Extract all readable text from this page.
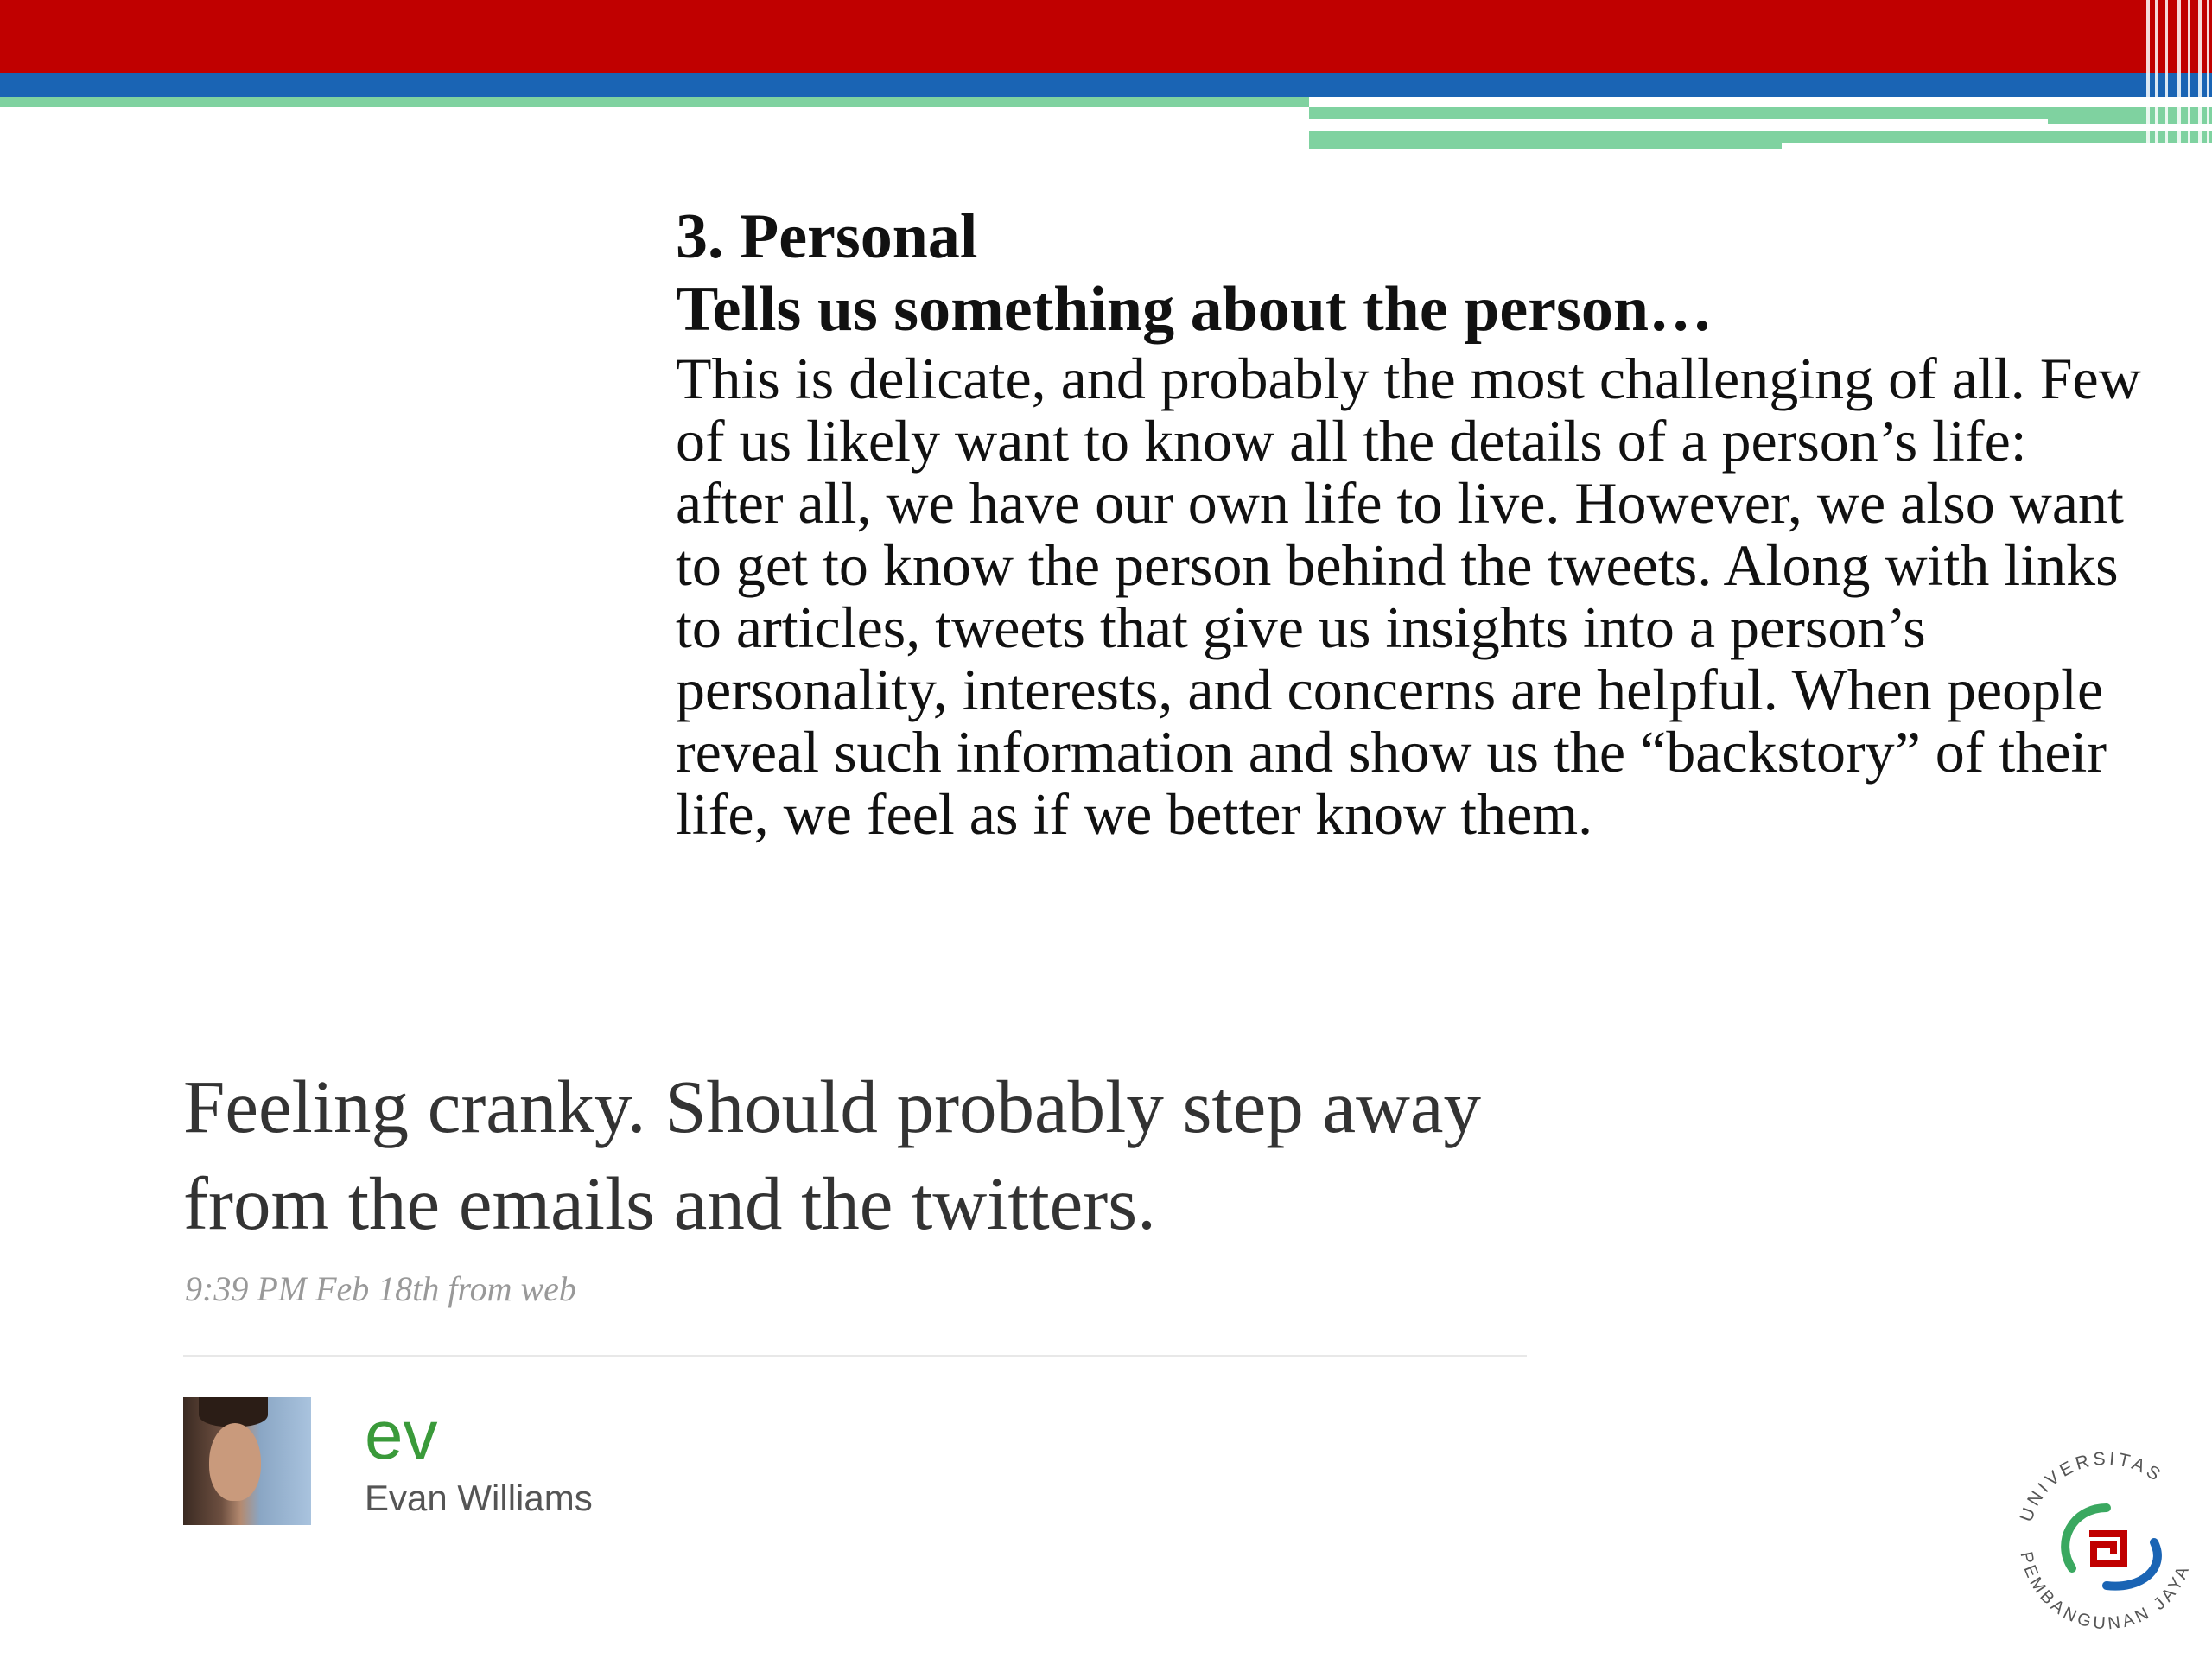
3. Personal
Tells us something about the person…

This is delicate, and probably the most challenging of all. Few of us likely want to know all the details of a person’s life: after all, we have our own life to live. However, we also want to get to know the person behind the tweets. Along with links to articles, tweets that give us insights into a person’s personality, interests, and concerns are helpful. When people reveal such information and show us the “backstory” of their life, we feel as if we better know them.

Feeling cranky. Should probably step away from the emails and the twitters.

9:39 PM Feb 18th from web
ev
Evan Williams	UNIVERSITAS
PEMBANGUNAN JAYA
